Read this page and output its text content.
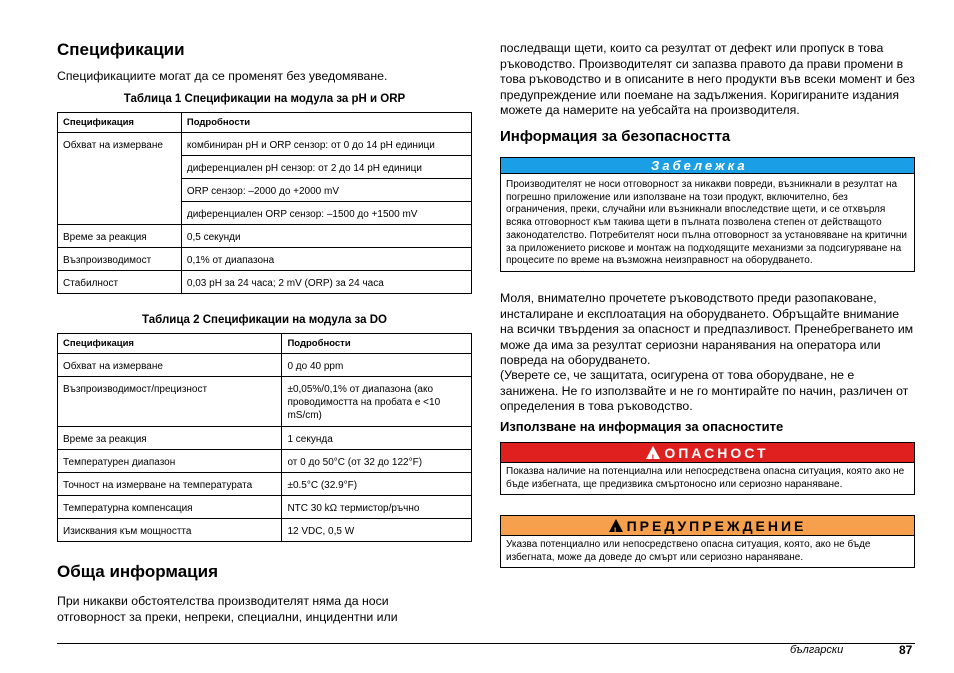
Спецификации

Спецификациите могат да се променят без уведомяване.

Таблица 1 Спецификации на модула за pH и ORP
Спецификация	Подробности
Обхват на измерване	комбиниран pH и ORP сензор: от 0 до 14 pH единици
	диференциален pH сензор: от 2 до 14 pH единици
	ORP сензор: –2000 до +2000 mV
	диференциален ORP сензор: –1500 до +1500 mV
Време за реакция	0,5 секунди
Възпроизводимост	0,1% от диапазона
Стабилност	0,03 pH за 24 часа; 2 mV (ORP) за 24 часа
Таблица 2 Спецификации на модула за DO
Спецификация	Подробности
Обхват на измерване	0 до 40 ppm
Възпроизводимост/прецизност	±0,05%/0,1% от диапазона (ако проводимостта на пробата е <10 mS/cm)
Време за реакция	1 секунда
Температурен диапазон	от 0 до 50°C (от 32 до 122°F)
Точност на измерване на температурата	±0.5°C (32.9°F)
Температурна компенсация	NTC 30 kΩ термистор/ръчно
Изисквания към мощността	12 VDC, 0,5 W
Обща информация

При никакви обстоятелства производителят няма да носи отговорност за преки, непреки, специални, инцидентни или

последващи щети, които са резултат от дефект или пропуск в това ръководство. Производителят си запазва правото да прави промени в това ръководство и в описаните в него продукти във всеки момент и без предупреждение или поемане на задължения. Коригираните издания можете да намерите на уебсайта на производителя.

Информация за безопасността
Забележка
Производителят не носи отговорност за никакви повреди, възникнали в резултат на погрешно приложение или използване на този продукт, включително, без ограничения, преки, случайни или възникнали впоследствие щети, и се отхвърля всяка отговорност към такива щети в пълната позволена степен от действащото законодателство. Потребителят носи пълна отговорност за установяване на критични за приложението рискове и монтаж на подходящите механизми за подсигуряване на процесите по време на възможна неизправност на оборудването.

Моля, внимателно прочетете ръководството преди разопаковане, инсталиране и експлоатация на оборудването. Обръщайте внимание на всички твърдения за опасност и предпазливост. Пренебрегването им може да има за резултат сериозни наранявания на оператора или повреда на оборудването.

(Уверете се, че защитата, осигурена от това оборудване, не е занижена. Не го използвайте и не го монтирайте по начин, различен от определения в това ръководство.

Използване на информация за опасностите
!ОПАСНОСТ
Показва наличие на потенциална или непосредствена опасна ситуация, която ако не бъде избегната, ще предизвика смъртоносно или сериозно нараняване.
!ПРЕДУПРЕЖДЕНИЕ
Указва потенциално или непосредствено опасна ситуация, която, ако не бъде избегната, може да доведе до смърт или сериозно нараняване.
български	87
